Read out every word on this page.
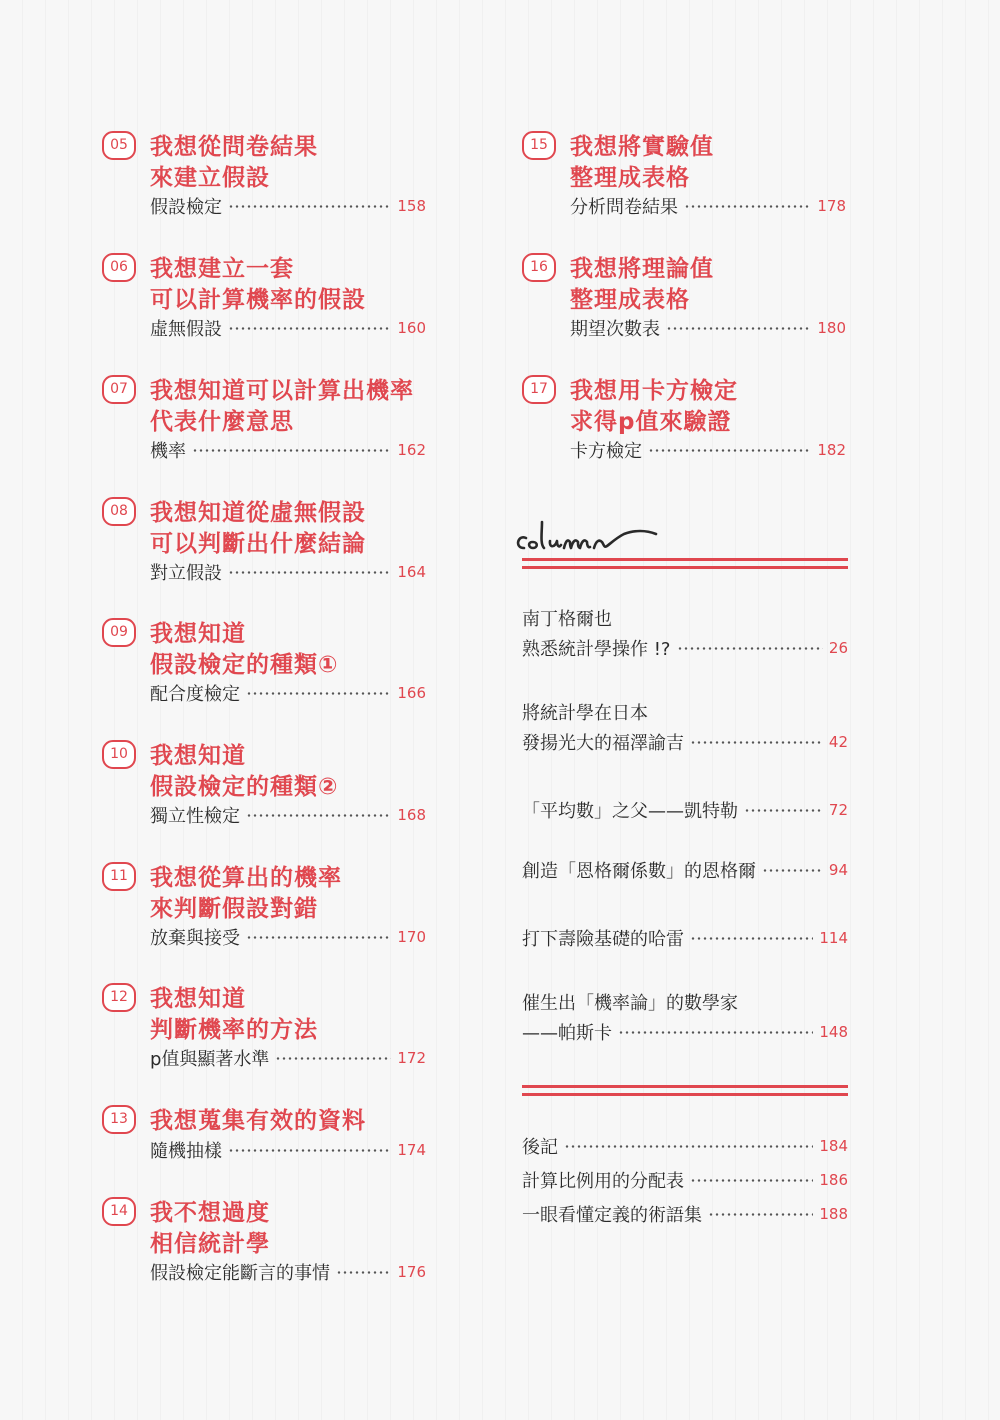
05 我想從問卷結果
來建立假設
假設檢定	158
06 我想建立一套
可以計算機率的假設
虛無假設	160
07 我想知道可以計算出機率
代表什麼意思
機率	162
08 我想知道從虛無假設
可以判斷出什麼結論
對立假設	164
09 我想知道
假設檢定的種類①
配合度檢定	166
10 我想知道
假設檢定的種類②
獨立性檢定	168
11 我想從算出的機率
來判斷假設對錯
放棄與接受	170
12 我想知道
判斷機率的方法
p值與顯著水準	172
13 我想蒐集有效的資料
隨機抽樣	174
14 我不想過度
相信統計學
假設檢定能斷言的事情	176
15 我想將實驗值
整理成表格
分析問卷結果	178
16 我想將理論值
整理成表格
期望次數表	180
17 我想用卡方檢定
求得p值來驗證
卡方檢定	182
南丁格爾也
熟悉統計學操作 !?	26
將統計學在日本
發揚光大的福澤諭吉	42
「平均數」之父——凱特勒	72
創造「恩格爾係數」的恩格爾	94
打下壽險基礎的哈雷	114
催生出「機率論」的數學家
——帕斯卡	148
後記	184
計算比例用的分配表	186
一眼看懂定義的術語集	188
